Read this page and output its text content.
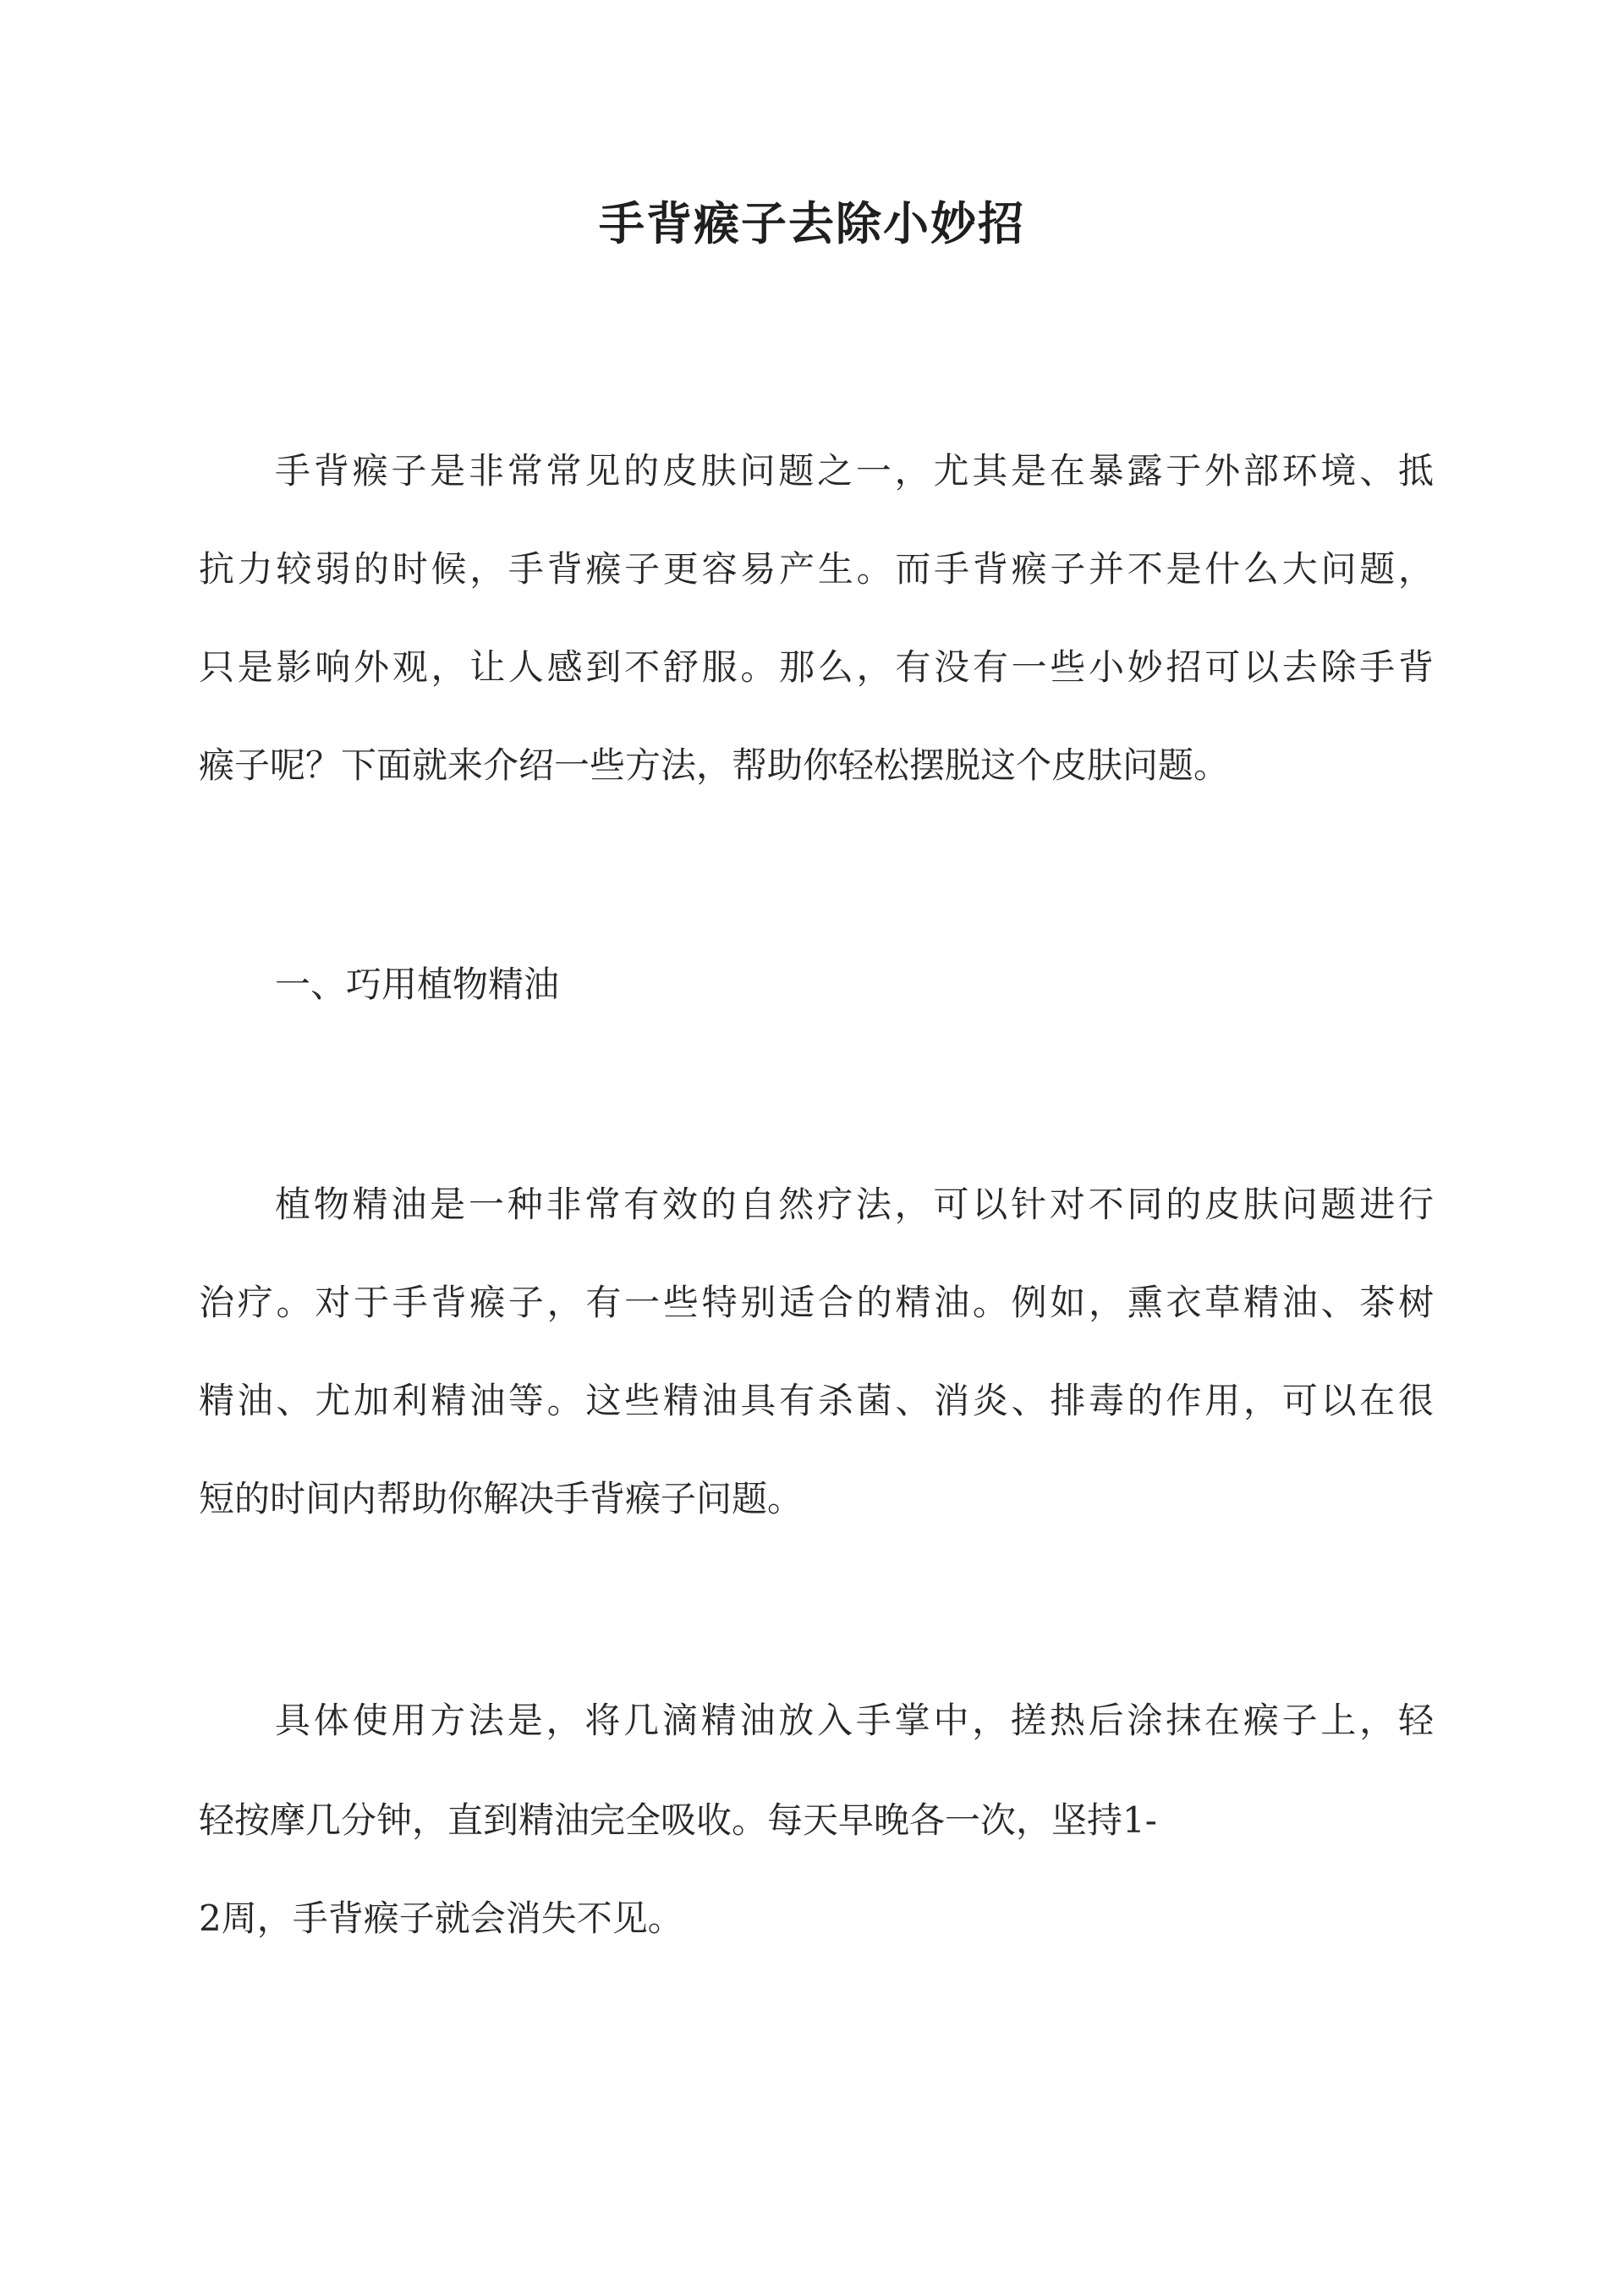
手背瘊子去除小妙招
手背瘊子是非常常见的皮肤问题之一，尤其是在暴露于外部环境、抵
抗力较弱的时候，手背瘊子更容易产生。而手背瘊子并不是什么大问题，
只是影响外观，让人感到不舒服。那么，有没有一些小妙招可以去除手背
瘊子呢？下面就来介绍一些方法，帮助你轻松摆脱这个皮肤问题。
一、巧用植物精油
植物精油是一种非常有效的自然疗法，可以针对不同的皮肤问题进行
治疗。对于手背瘊子，有一些特别适合的精油。例如，熏衣草精油、茶树
精油、尤加利精油等。这些精油具有杀菌、消炎、排毒的作用，可以在很
短的时间内帮助你解决手背瘊子问题。
具体使用方法是，将几滴精油放入手掌中，搓热后涂抹在瘊子上，轻
轻按摩几分钟，直到精油完全吸收。每天早晚各一次，坚持1-
2周，手背瘊子就会消失不见。
